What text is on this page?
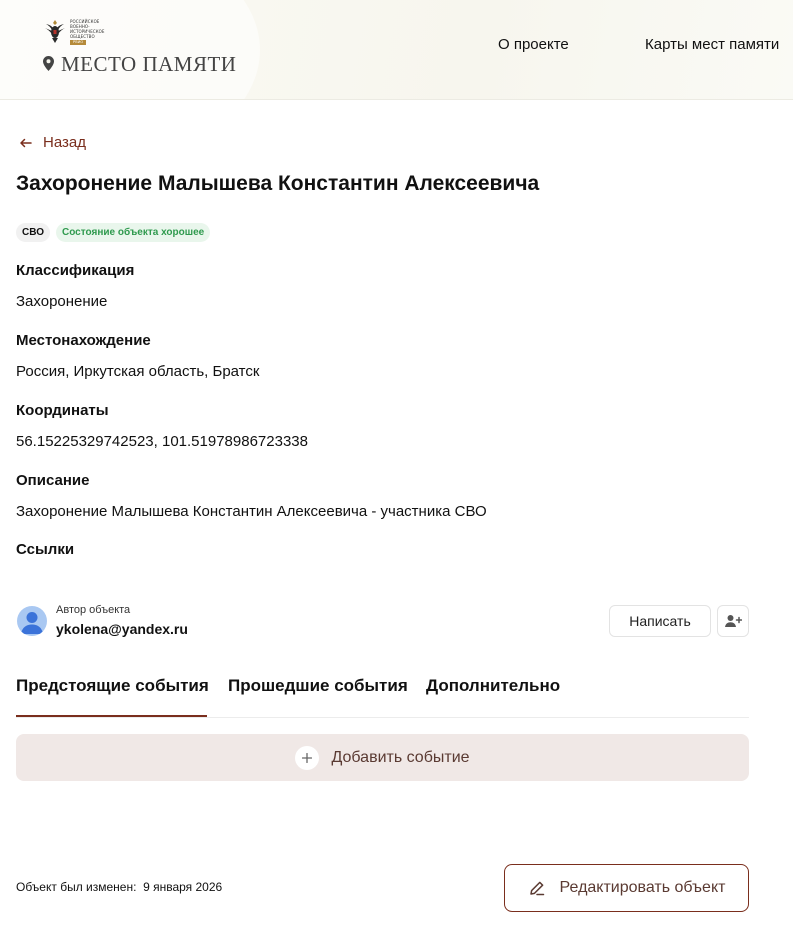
РОССИЙСКОЕ
ВОЕННО-ИСТОРИЧЕСКОЕ
ОБЩЕСТВО
РВИО
МЕСТО ПАМЯТИ
О проекте	Карты мест памяти
Назад
Захоронение Малышева Константин Алексеевича
СВО	Состояние объекта хорошее
Классификация
Захоронение
Местонахождение
Россия, Иркутская область, Братск
Координаты
56.15225329742523, 101.51978986723338
Описание
Захоронение Малышева Константин Алексеевича - участника СВО
Ссылки
Автор объекта
ykolena@yandex.ru	Написать
Предстоящие события Прошедшие события Дополнительно
Добавить событие
Объект был изменен: 9 января 2026	Редактировать объект
